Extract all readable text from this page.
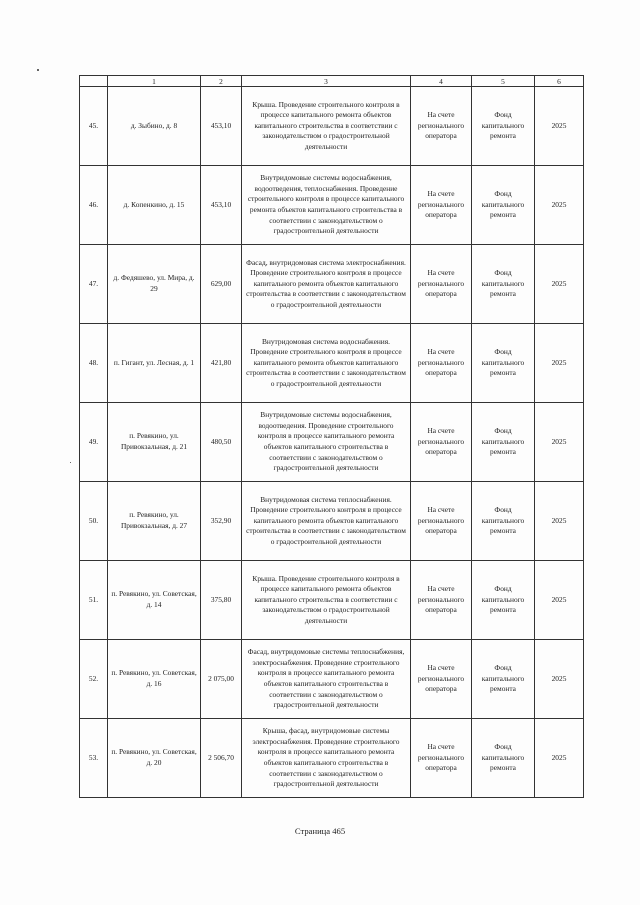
	1	2	3	4	5	6
45.	д. Зыбино, д. 8	453,10	Крыша. Проведение строительного контроля в процессе капитального ремонта объектов капитального строительства в соответствии с законодательством о градостроительной деятельности	На счете регионального оператора	Фонд капитального ремонта	2025
46.	д. Копенкино, д. 15	453,10	Внутридомовые системы водоснабжения, водоотведения, теплоснабжения. Проведение строительного контроля в процессе капитального ремонта объектов капитального строительства в соответствии с законодательством о градостроительной деятельности	На счете регионального оператора	Фонд капитального ремонта	2025
47.	д. Федяшево, ул. Мира, д. 29	629,00	Фасад, внутридомовая система электроснабжения. Проведение строительного контроля в процессе капитального ремонта объектов капитального строительства в соответствии с законодательством о градостроительной деятельности	На счете регионального оператора	Фонд капитального ремонта	2025
48.	п. Гигант, ул. Лесная, д. 1	421,80	Внутридомовая система водоснабжения. Проведение строительного контроля в процессе капитального ремонта объектов капитального строительства в соответствии с законодательством о градостроительной деятельности	На счете регионального оператора	Фонд капитального ремонта	2025
49.	п. Ревякино, ул. Привокзальная, д. 21	480,50	Внутридомовые системы водоснабжения, водоотведения. Проведение строительного контроля в процессе капитального ремонта объектов капитального строительства в соответствии с законодательством о градостроительной деятельности	На счете регионального оператора	Фонд капитального ремонта	2025
50.	п. Ревякино, ул. Привокзальная, д. 27	352,90	Внутридомовая система теплоснабжения. Проведение строительного контроля в процессе капитального ремонта объектов капитального строительства в соответствии с законодательством о градостроительной деятельности	На счете регионального оператора	Фонд капитального ремонта	2025
51.	п. Ревякино, ул. Советская, д. 14	375,80	Крыша. Проведение строительного контроля в процессе капитального ремонта объектов капитального строительства в соответствии с законодательством о градостроительной деятельности	На счете регионального оператора	Фонд капитального ремонта	2025
52.	п. Ревякино, ул. Советская, д. 16	2 075,00	Фасад, внутридомовые системы теплоснабжения, электроснабжения. Проведение строительного контроля в процессе капитального ремонта объектов капитального строительства в соответствии с законодательством о градостроительной деятельности	На счете регионального оператора	Фонд капитального ремонта	2025
53.	п. Ревякино, ул. Советская, д. 20	2 506,70	Крыша, фасад, внутридомовые системы электроснабжения. Проведение строительного контроля в процессе капитального ремонта объектов капитального строительства в соответствии с законодательством о градостроительной деятельности	На счете регионального оператора	Фонд капитального ремонта	2025
Страница 465
